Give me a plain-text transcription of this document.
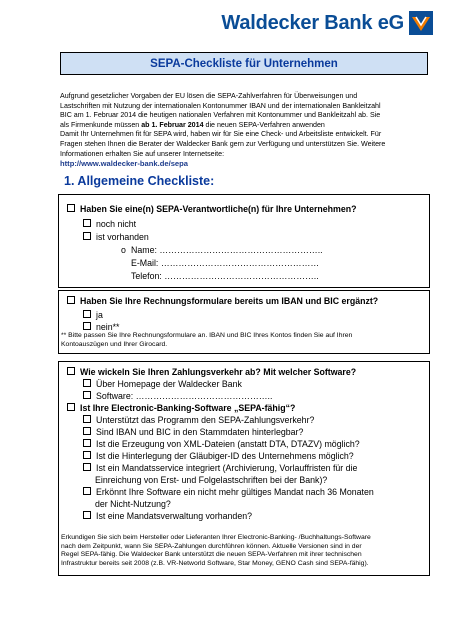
Waldecker Bank eG
SEPA-Checkliste für Unternehmen

Aufgrund gesetzlicher Vorgaben der EU lösen die SEPA-Zahlverfahren für Überweisungen und

Lastschriften mit Nutzung der internationalen Kontonummer IBAN und der internationalen Bankleitzahl

BIC am 1. Februar 2014 die heutigen nationalen Verfahren mit Kontonummer und Bankleitzahl ab. Sie

als Firmenkunde müssen ab 1. Februar 2014 die neuen SEPA-Verfahren anwenden

Damit Ihr Unternehmen fit für SEPA wird, haben wir für Sie eine Check- und Arbeitsliste entwickelt. Für

Fragen stehen Ihnen die Berater der Waldecker Bank gern zur Verfügung und unterstützen Sie. Weitere

Informationen erhalten Sie auf unserer Internetseite:

http://www.waldecker-bank.de/sepa

1. Allgemeine Checkliste:
Haben Sie eine(n) SEPA-Verantwortliche(n) für Ihre Unternehmen?
noch nicht
ist vorhanden
o Name: ………………………………………………..
E-Mail: ………………………………………………
Telefon: ……………………………………………..
Haben Sie Ihre Rechnungsformulare bereits um IBAN und BIC ergänzt?
ja
nein**
** Bitte passen Sie Ihre Rechnungsformulare an. IBAN und BIC Ihres Kontos finden Sie auf Ihren
Kontoauszügen und Ihrer Girocard.
Wie wickeln Sie Ihren Zahlungsverkehr ab? Mit welcher Software?
Über Homepage der Waldecker Bank
Software: ………………………………………..
Ist Ihre Electronic-Banking-Software „SEPA-fähig“?
Unterstützt das Programm den SEPA-Zahlungsverkehr?
Sind IBAN und BIC in den Stammdaten hinterlegbar?
Ist die Erzeugung von XML-Dateien (anstatt DTA, DTAZV) möglich?
Ist die Hinterlegung der Gläubiger-ID des Unternehmens möglich?
Ist ein Mandatsservice integriert (Archivierung, Vorlauffristen für die
Einreichung von Erst- und Folgelastschriften bei der Bank)?
Erkönnt Ihre Software ein nicht mehr gültiges Mandat nach 36 Monaten
der Nicht-Nutzung?
Ist eine Mandatsverwaltung vorhanden?
Erkundigen Sie sich beim Hersteller oder Lieferanten Ihrer Electronic-Banking- /Buchhaltungs-Software
nach dem Zeitpunkt, wann Sie SEPA-Zahlungen durchführen können. Aktuelle Versionen sind in der
Regel SEPA-fähig. Die Waldecker Bank unterstützt die neuen SEPA-Verfahren mit ihrer technischen
Infrastruktur bereits seit 2008 (z.B. VR-Networld Software, Star Money, GENO Cash sind SEPA-fähig).
